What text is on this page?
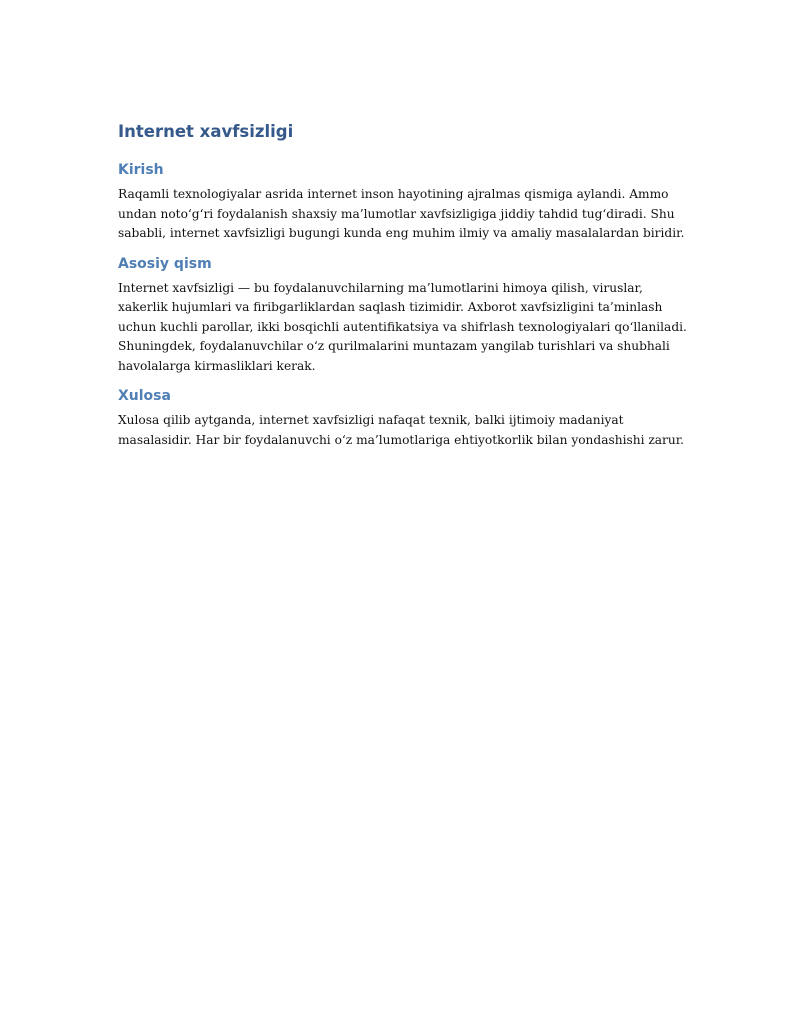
Internet xavfsizligi
Kirish

Raqamli texnologiyalar asrida internet inson hayotining ajralmas qismiga aylandi. Ammo
undan noto‘g‘ri foydalanish shaxsiy ma’lumotlar xavfsizligiga jiddiy tahdid tug‘diradi. Shu
sababli, internet xavfsizligi bugungi kunda eng muhim ilmiy va amaliy masalalardan biridir.

Asosiy qism

Internet xavfsizligi — bu foydalanuvchilarning ma’lumotlarini himoya qilish, viruslar,
xakerlik hujumlari va firibgarliklardan saqlash tizimidir. Axborot xavfsizligini ta’minlash
uchun kuchli parollar, ikki bosqichli autentifikatsiya va shifrlash texnologiyalari qo‘llaniladi.
Shuningdek, foydalanuvchilar o‘z qurilmalarini muntazam yangilab turishlari va shubhali
havolalarga kirmasliklari kerak.

Xulosa

Xulosa qilib aytganda, internet xavfsizligi nafaqat texnik, balki ijtimoiy madaniyat
masalasidir. Har bir foydalanuvchi o‘z ma’lumotlariga ehtiyotkorlik bilan yondashishi zarur.
